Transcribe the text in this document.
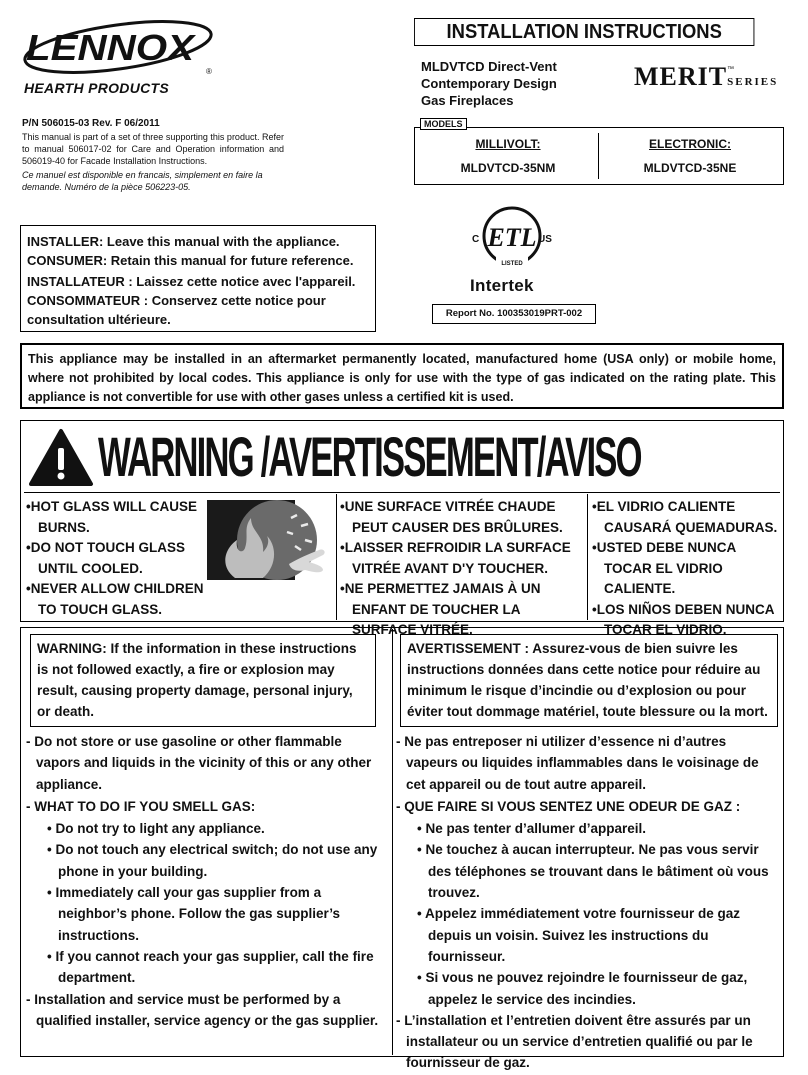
LENNOX
®
HEARTH PRODUCTS
P/N 506015-03 Rev. F 06/2011
This manual is part of a set of three supporting this product. Refer to manual 506017-02 for Care and Operation information and 506019-40 for Facade Installation Instructions.
Ce manuel est disponible en francais, simplement en faire la demande. Numéro de la pièce 506223-05.
INSTALLATION INSTRUCTIONS
MLDVTCD Direct-Vent
Contemporary Design
Gas Fireplaces
MERITSERIES
™
MODELS
MILLIVOLT:
MLDVTCD-35NM
ELECTRONIC:
MLDVTCD-35NE
ETL
C	US
LISTED
Intertek
Report No. 100353019PRT-002
INSTALLER: Leave this manual with the appliance.
CONSUMER: Retain this manual for future reference.
INSTALLATEUR : Laissez cette notice avec l'appareil.
CONSOMMATEUR : Conservez cette notice pour
consultation ultérieure.
This appliance may be installed in an aftermarket permanently located, manufactured home (USA only) or mobile home, where not prohibited by local codes. This appliance is only for use with the type of gas indicated on the rating plate. This appliance is not convertible for use with other gases unless a certified kit is used.
WARNING /AVERTISSEMENT/AVISO
• HOT GLASS WILL CAUSE BURNS.
• DO NOT TOUCH GLASS UNTIL COOLED.
• NEVER ALLOW CHILDREN TO TOUCH GLASS.
• UNE SURFACE VITRÉE CHAUDE PEUT CAUSER DES BRÛLURES.
• LAISSER REFROIDIR LA SURFACE VITRÉE AVANT D'Y TOUCHER.
• NE PERMETTEZ JAMAIS À UN ENFANT DE TOUCHER LA SURFACE VITRÉE.
• EL VIDRIO CALIENTE CAUSARÁ QUEMADURAS.
• USTED DEBE NUNCA TOCAR EL VIDRIO CALIENTE.
• LOS NIÑOS DEBEN NUNCA TOCAR EL VIDRIO.
WARNING: If the information in these instructions is not followed exactly, a fire or explosion may result, causing property damage, personal injury, or death.
AVERTISSEMENT : Assurez-vous de bien suivre les instructions données dans cette notice pour réduire au minimum le risque d’incindie ou d’explosion ou pour éviter tout dommage matériel, toute blessure ou la mort.
- Do not store or use gasoline or other flammable vapors and liquids in the vicinity of this or any other appliance.
- WHAT TO DO IF YOU SMELL GAS:
• Do not try to light any appliance.
• Do not touch any electrical switch; do not use any phone in your building.
• Immediately call your gas supplier from a neighbor’s phone. Follow the gas supplier’s instructions.
• If you cannot reach your gas supplier, call the fire department.
- Installation and service must be performed by a qualified installer, service agency or the gas supplier.
- Ne pas entreposer ni utilizer d’essence ni d’autres vapeurs ou liquides inflammables dans le voisinage de cet appareil ou de tout autre appareil.
- QUE FAIRE SI VOUS SENTEZ UNE ODEUR DE GAZ :
• Ne pas tenter d’allumer d’appareil.
• Ne touchez à aucan interrupteur. Ne pas vous servir des téléphones se trouvant dans le bâtiment où vous trouvez.
• Appelez immédiatement votre fournisseur de gaz depuis un voisin. Suivez les instructions du fournisseur.
• Si vous ne pouvez rejoindre le fournisseur de gaz, appelez le service des incindies.
- L’installation et l’entretien doivent être assurés par un installateur ou un service d’entretien qualifié ou par le fournisseur de gaz.
